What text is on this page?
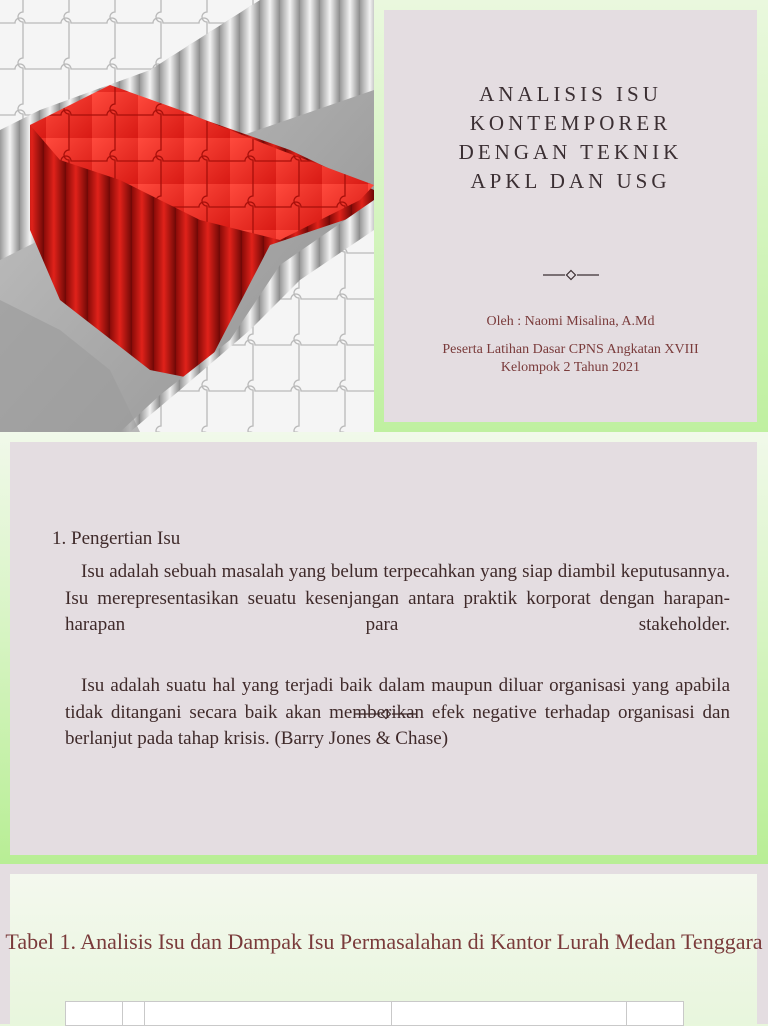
ANALISIS ISU
KONTEMPORER
DENGAN TEKNIK
APKL DAN USG
Oleh : Naomi Misalina, A.Md
Peserta Latihan Dasar CPNS Angkatan XVIII Kelompok 2 Tahun 2021
1. Pengertian Isu

Isu adalah sebuah masalah yang belum terpecahkan yang siap diambil keputusannya. Isu merepresentasikan seuatu kesenjangan antara praktik korporat dengan harapan-harapan para stakeholder.

Isu adalah suatu hal yang terjadi baik dalam maupun diluar organisasi yang apabila tidak ditangani secara baik akan memberikan efek negative terhadap organisasi dan berlanjut pada tahap krisis. (Barry Jones & Chase)

Tabel 1. Analisis Isu dan Dampak Isu Permasalahan di Kantor Lurah Medan Tenggara
